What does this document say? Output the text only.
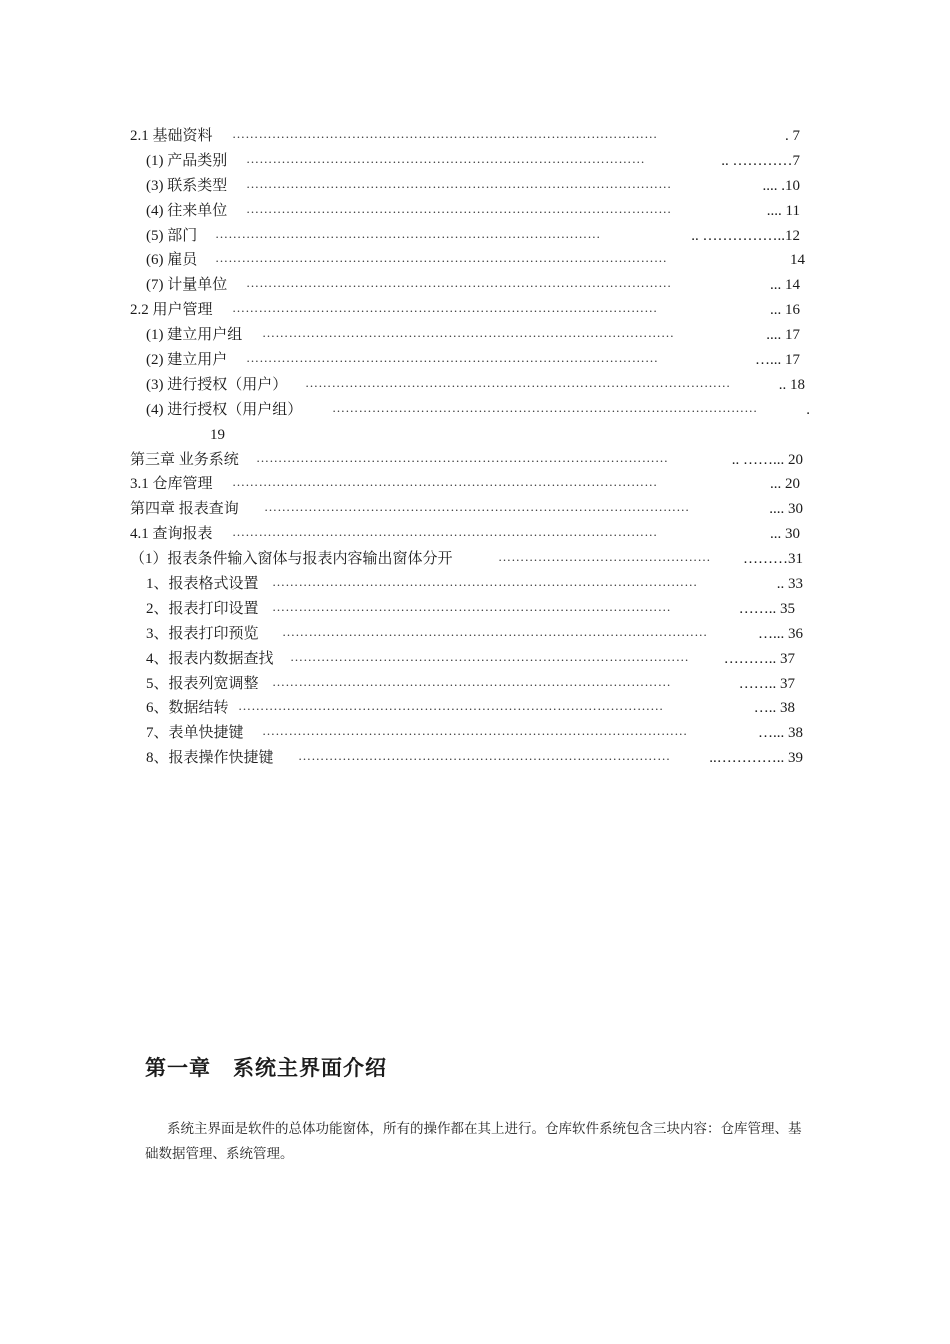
2.1 基础资料 ……………………………………………………………………………………	. 7
(1) 产品类别 ………………………………………………………………………………	.. …………7
(3) 联系类型 ……………………………………………………………………………………	.... .10
(4) 往来单位 ……………………………………………………………………………………	.... 11
(5) 部门 ……………………………………………………………………………	.. ……………..12
(6) 雇员 …………………………………………………………………………………………	14
(7) 计量单位 ……………………………………………………………………………………	... 14
2.2 用户管理 ……………………………………………………………………………………	... 16
(1) 建立用户组 …………………………………………………………………………………	.... 17
(2) 建立用户 …………………………………………………………………………………	…... 17
(3) 进行授权（用户） ……………………………………………………………………………………	.. 18
(4) 进行授权（用户组） ……………………………………………………………………………………	.
19
第三章 业务系统 …………………………………………………………………………………	.. ……... 20
3.1 仓库管理 ……………………………………………………………………………………	... 20
第四章 报表查询 ……………………………………………………………………………………	.... 30
4.1 查询报表 ……………………………………………………………………………………	... 30
（1）报表条件输入窗体与报表内容输出窗体分开	…………………………………………	………31
1、报表格式设置 ……………………………………………………………………………………	.. 33
2、报表打印设置 ………………………………………………………………………………	…….. 35
3、报表打印预览 ……………………………………………………………………………………	…... 36
4、报表内数据查找 ………………………………………………………………………………	……….. 37
5、报表列宽调整 ………………………………………………………………………………	…….. 37
6、数据结转 ……………………………………………………………………………………	….. 38
7、表单快捷键 ……………………………………………………………………………………	…... 38
8、报表操作快捷键 …………………………………………………………………………	..………….. 39
第一章 系统主界面介绍
系统主界面是软件的总体功能窗体，所有的操作都在其上进行。仓库软件系统包含三块内容：仓库管理、基础数据管理、系统管理。
